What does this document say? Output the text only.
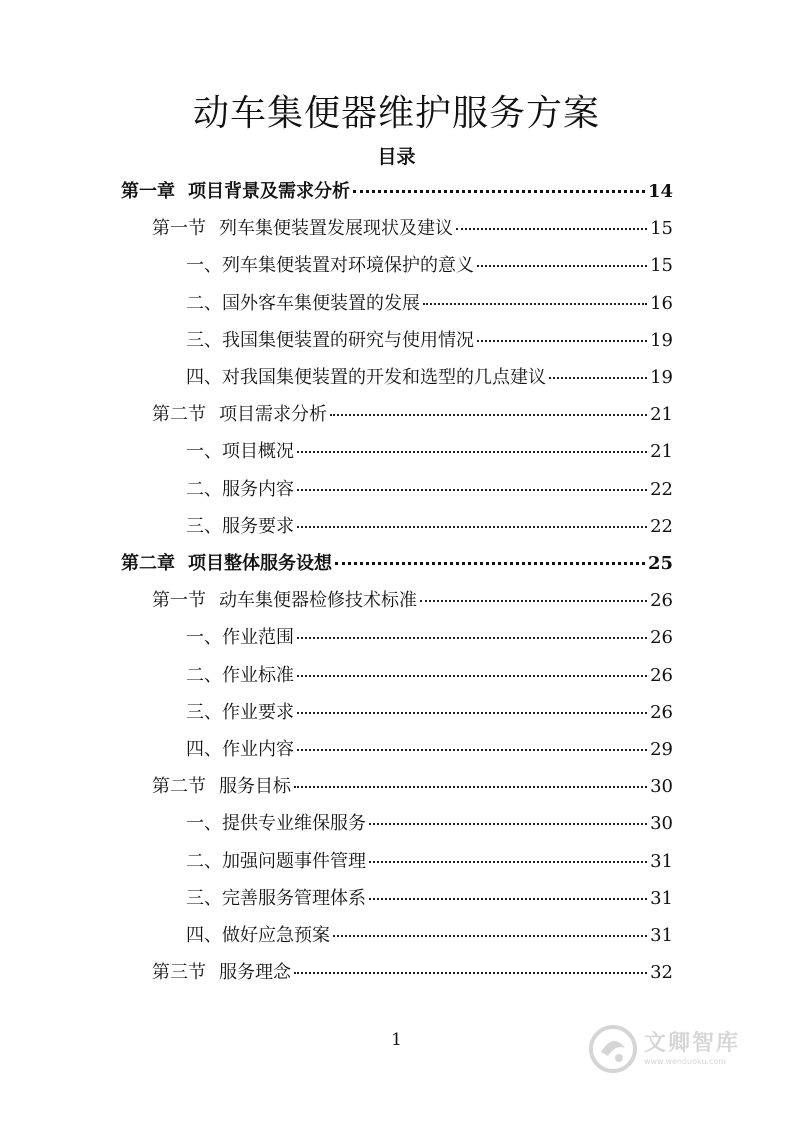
动车集便器维护服务方案
目录
第一章 项目背景及需求分析	14
第一节 列车集便装置发展现状及建议	15
一、列车集便装置对环境保护的意义	15
二、国外客车集便装置的发展	16
三、我国集便装置的研究与使用情况	19
四、对我国集便装置的开发和选型的几点建议	19
第二节 项目需求分析	21
一、项目概况	21
二、服务内容	22
三、服务要求	22
第二章 项目整体服务设想	25
第一节 动车集便器检修技术标准	26
一、作业范围	26
二、作业标准	26
三、作业要求	26
四、作业内容	29
第二节 服务目标	30
一、提供专业维保服务	30
二、加强问题事件管理	31
三、完善服务管理体系	31
四、做好应急预案	31
第三节 服务理念	32
1	文卿智库
www.wenduoku.com
